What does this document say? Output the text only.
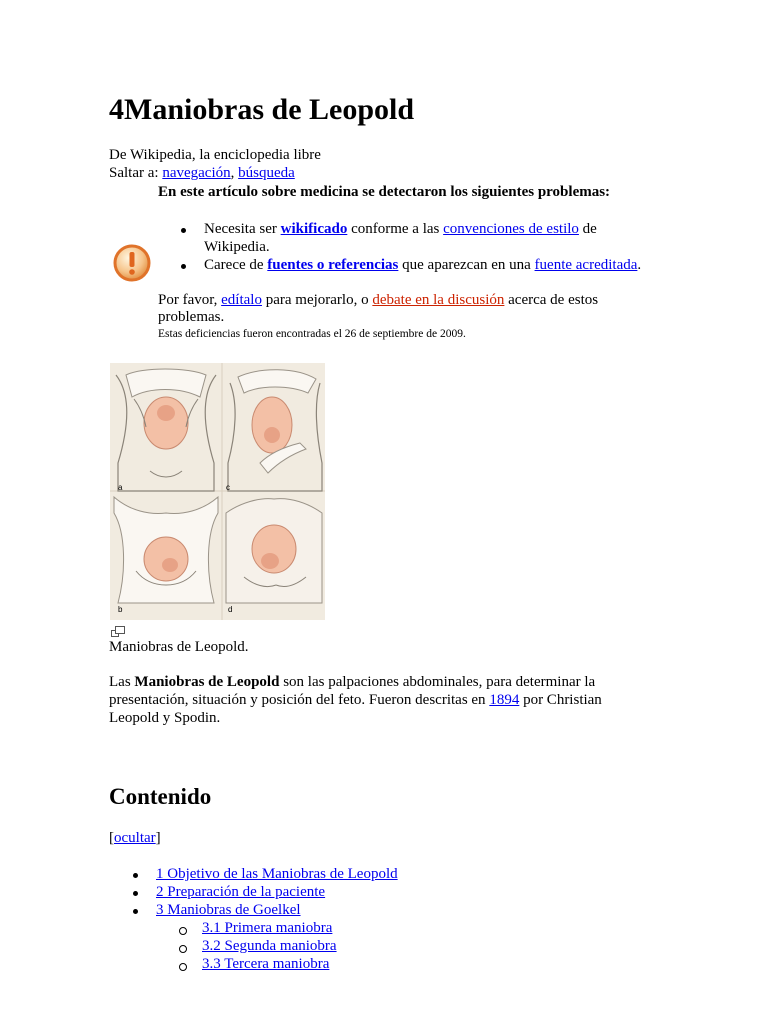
4Maniobras de Leopold
De Wikipedia, la enciclopedia libre
Saltar a: navegación, búsqueda
En este artículo sobre medicina se detectaron los siguientes problemas:
Necesita ser wikificado conforme a las convenciones de estilo de
Wikipedia.
Carece de fuentes o referencias que aparezcan en una fuente acreditada.
Por favor, edítalo para mejorarlo, o debate en la discusión acerca de estos
problemas.
Estas deficiencias fueron encontradas el 26 de septiembre de 2009.
a	c
b	d
Maniobras de Leopold.
Las Maniobras de Leopold son las palpaciones abdominales, para determinar la
presentación, situación y posición del feto. Fueron descritas en 1894 por Christian
Leopold y Spodin.
Contenido
[ocultar]
1 Objetivo de las Maniobras de Leopold
2 Preparación de la paciente
3 Maniobras de Goelkel
3.1 Primera maniobra
3.2 Segunda maniobra
3.3 Tercera maniobra
